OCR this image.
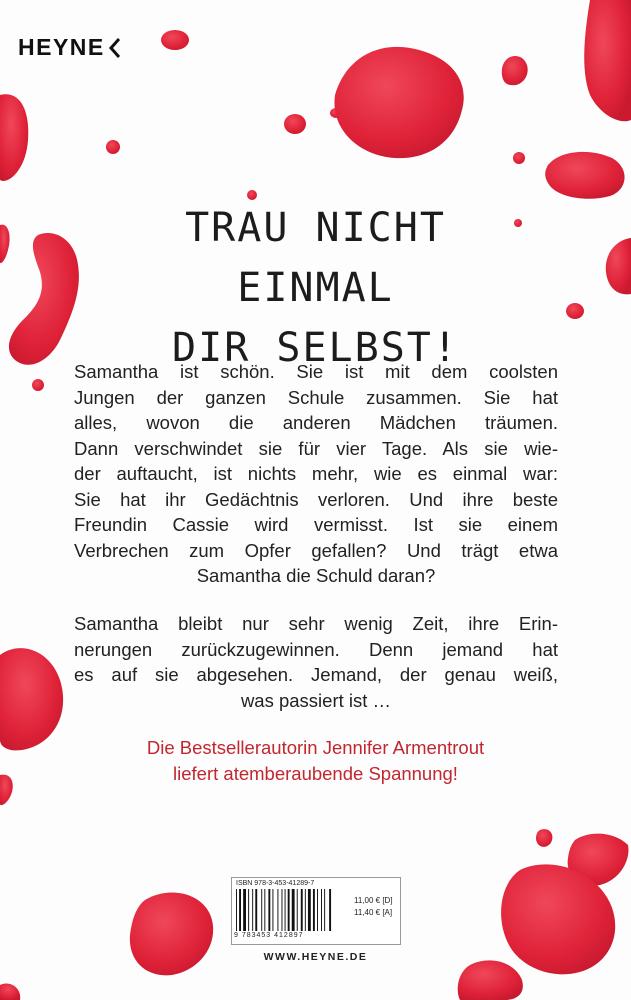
HEYNE
TRAU NICHT
EINMAL
DIR SELBST!
Samantha ist schön. Sie ist mit dem coolsten
Jungen der ganzen Schule zusammen. Sie hat
alles, wovon die anderen Mädchen träumen.
Dann verschwindet sie für vier Tage. Als sie wie-
der auftaucht, ist nichts mehr, wie es einmal war:
Sie hat ihr Gedächtnis verloren. Und ihre beste
Freundin Cassie wird vermisst. Ist sie einem
Verbrechen zum Opfer gefallen? Und trägt etwa
Samantha die Schuld daran?
Samantha bleibt nur sehr wenig Zeit, ihre Erin-
nerungen zurückzugewinnen. Denn jemand hat
es auf sie abgesehen. Jemand, der genau weiß,
was passiert ist …
Die Bestsellerautorin Jennifer Armentrout
liefert atemberaubende Spannung!
ISBN 978-3-453-41289-7
9 783453 412897
11,00 € [D]
11,40 € [A]
WWW.HEYNE.DE
